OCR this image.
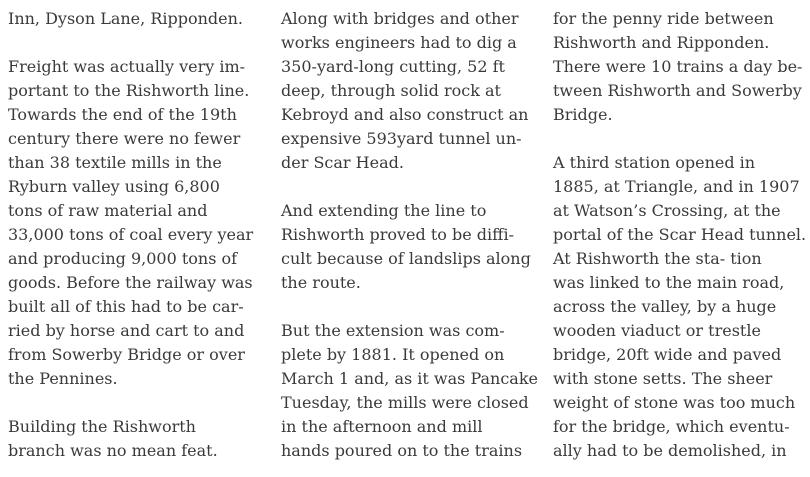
Inn, Dyson Lane, Ripponden.
Freight was actually very im-
portant to the Rishworth line.
Towards the end of the 19th
century there were no fewer
than 38 textile mills in the
Ryburn valley using 6,800
tons of raw material and
33,000 tons of coal every year
and producing 9,000 tons of
goods. Before the railway was
built all of this had to be car-
ried by horse and cart to and
from Sowerby Bridge or over
the Pennines.
Building the Rishworth
branch was no mean feat.
Along with bridges and other
works engineers had to dig a
350-yard-long cutting, 52 ft
deep, through solid rock at
Kebroyd and also construct an
expensive 593yard tunnel un-
der Scar Head.
And extending the line to
Rishworth proved to be diffi-
cult because of landslips along
the route.
But the extension was com-
plete by 1881. It opened on
March 1 and, as it was Pancake
Tuesday, the mills were closed
in the afternoon and mill
hands poured on to the trains
for the penny ride between
Rishworth and Ripponden.
There were 10 trains a day be-
tween Rishworth and Sowerby
Bridge.
A third station opened in
1885, at Triangle, and in 1907
at Watson’s Crossing, at the
portal of the Scar Head tunnel.
At Rishworth the sta- tion
was linked to the main road,
across the valley, by a huge
wooden viaduct or trestle
bridge, 20ft wide and paved
with stone setts. The sheer
weight of stone was too much
for the bridge, which eventu-
ally had to be demolished, in
